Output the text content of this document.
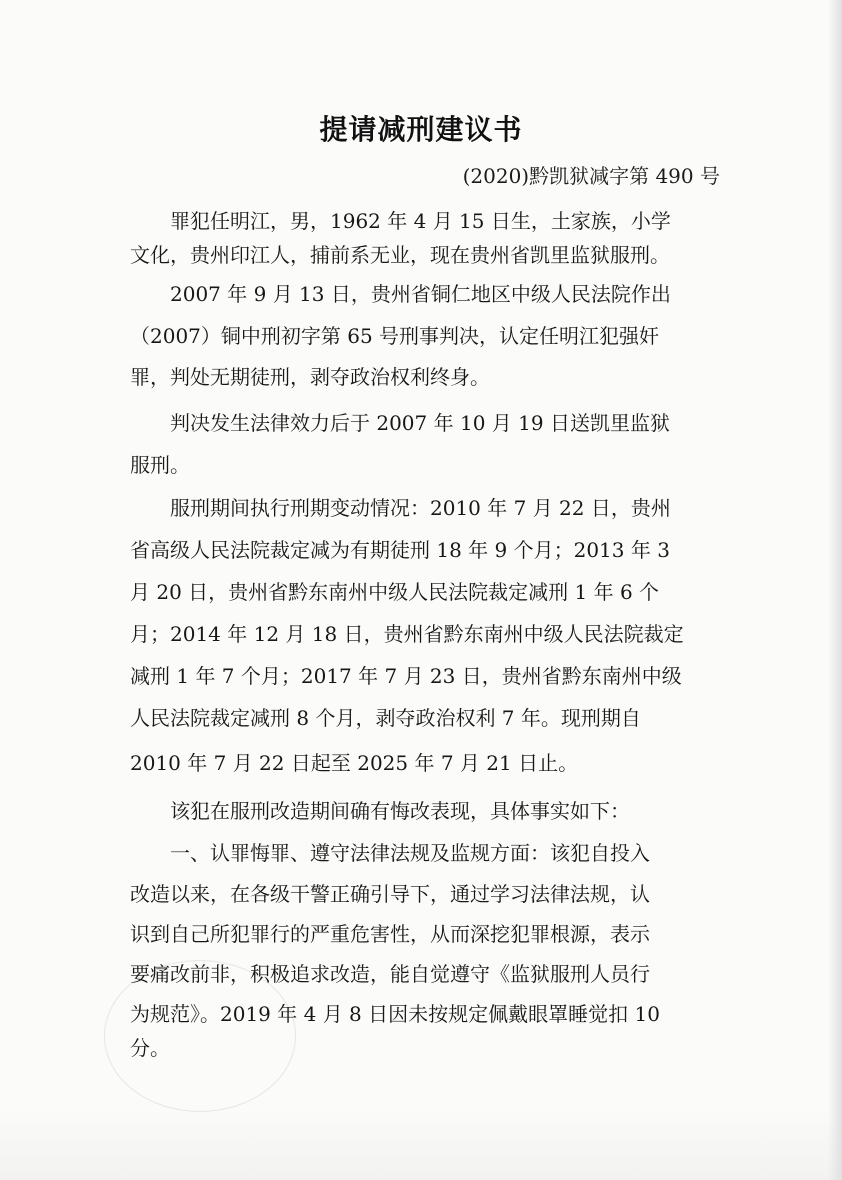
提请减刑建议书
(2020)黔凯狱减字第 490 号
　　罪犯任明江，男，1962 年 4 月 15 日生，土家族，小学
文化，贵州印江人，捕前系无业，现在贵州省凯里监狱服刑。
　　2007 年 9 月 13 日，贵州省铜仁地区中级人民法院作出
（2007）铜中刑初字第 65 号刑事判决，认定任明江犯强奸
罪，判处无期徒刑，剥夺政治权利终身。
　　判决发生法律效力后于 2007 年 10 月 19 日送凯里监狱
服刑。
　　服刑期间执行刑期变动情况：2010 年 7 月 22 日，贵州
省高级人民法院裁定减为有期徒刑 18 年 9 个月；2013 年 3
月 20 日，贵州省黔东南州中级人民法院裁定减刑 1 年 6 个
月；2014 年 12 月 18 日，贵州省黔东南州中级人民法院裁定
减刑 1 年 7 个月；2017 年 7 月 23 日，贵州省黔东南州中级
人民法院裁定减刑 8 个月，剥夺政治权利 7 年。现刑期自
2010 年 7 月 22 日起至 2025 年 7 月 21 日止。
　　该犯在服刑改造期间确有悔改表现，具体事实如下：
　　一、认罪悔罪、遵守法律法规及监规方面：该犯自投入
改造以来，在各级干警正确引导下，通过学习法律法规，认
识到自己所犯罪行的严重危害性，从而深挖犯罪根源，表示
要痛改前非，积极追求改造，能自觉遵守《监狱服刑人员行
为规范》。2019 年 4 月 8 日因未按规定佩戴眼罩睡觉扣 10
分。
